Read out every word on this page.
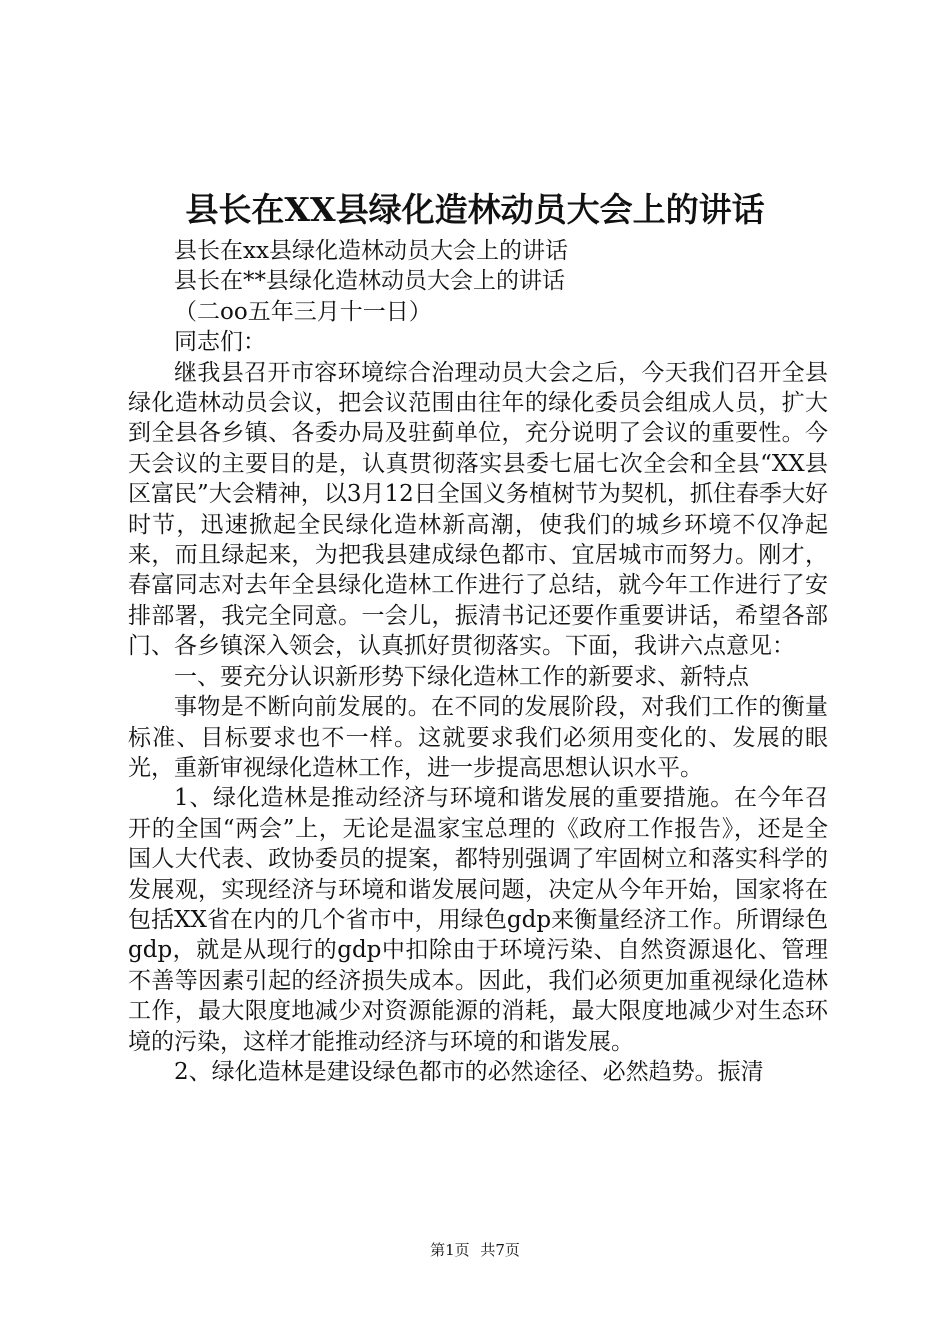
县长在XX县绿化造林动员大会上的讲话

县长在xx县绿化造林动员大会上的讲话

县长在**县绿化造林动员大会上的讲话

（二oo五年三月十一日）

同志们：

继我县召开市容环境综合治理动员大会之后，今天我们召开全县绿化造林动员会议，把会议范围由往年的绿化委员会组成人员，扩大到全县各乡镇、各委办局及驻蓟单位，充分说明了会议的重要性。今天会议的主要目的是，认真贯彻落实县委七届七次全会和全县“XX县区富民”大会精神，以3月12日全国义务植树节为契机，抓住春季大好时节，迅速掀起全民绿化造林新高潮，使我们的城乡环境不仅净起来，而且绿起来，为把我县建成绿色都市、宜居城市而努力。刚才，春富同志对去年全县绿化造林工作进行了总结，就今年工作进行了安排部署，我完全同意。一会儿，振清书记还要作重要讲话，希望各部门、各乡镇深入领会，认真抓好贯彻落实。下面，我讲六点意见：

一、要充分认识新形势下绿化造林工作的新要求、新特点

事物是不断向前发展的。在不同的发展阶段，对我们工作的衡量标准、目标要求也不一样。这就要求我们必须用变化的、发展的眼光，重新审视绿化造林工作，进一步提高思想认识水平。

1、绿化造林是推动经济与环境和谐发展的重要措施。在今年召开的全国“两会”上，无论是温家宝总理的《政府工作报告》，还是全国人大代表、政协委员的提案，都特别强调了牢固树立和落实科学的发展观，实现经济与环境和谐发展问题，决定从今年开始，国家将在包括XX省在内的几个省市中，用绿色gdp来衡量经济工作。所谓绿色gdp，就是从现行的gdp中扣除由于环境污染、自然资源退化、管理不善等因素引起的经济损失成本。因此，我们必须更加重视绿化造林工作，最大限度地减少对资源能源的消耗，最大限度地减少对生态环境的污染，这样才能推动经济与环境的和谐发展。

2、绿化造林是建设绿色都市的必然途径、必然趋势。振清

第1页 共7页
